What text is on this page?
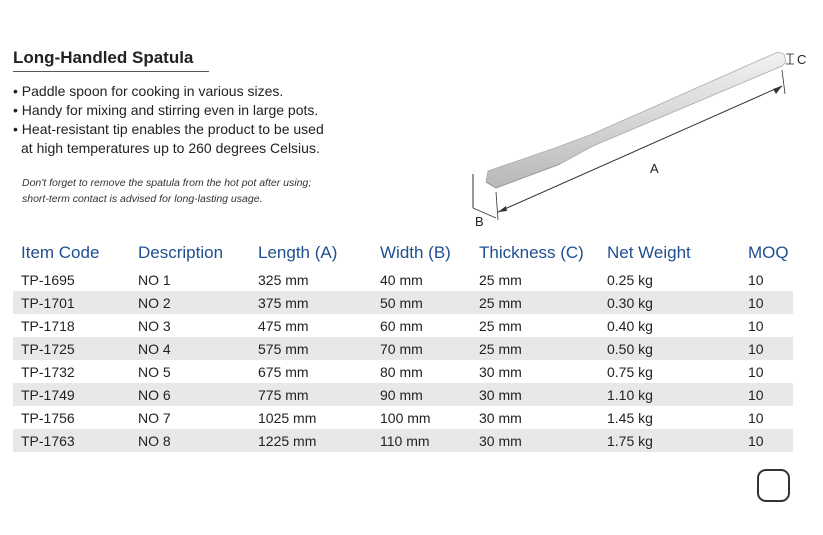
Long-Handled Spatula
• Paddle spoon for cooking in various sizes.
• Handy for mixing and stirring even in large pots.
• Heat-resistant tip enables the product to be used
at high temperatures up to 260 degrees Celsius.
Don't forget to remove the spatula from the hot pot after using;
short-term contact is advised for long-lasting usage.
A
B
C
Item Code	Description	Length (A)	Width (B)	Thickness (C)	Net Weight	MOQ
TP-1695	NO 1	325 mm	40 mm	25 mm	0.25 kg	10
TP-1701	NO 2	375 mm	50 mm	25 mm	0.30 kg	10
TP-1718	NO 3	475 mm	60 mm	25 mm	0.40 kg	10
TP-1725	NO 4	575 mm	70 mm	25 mm	0.50 kg	10
TP-1732	NO 5	675 mm	80 mm	30 mm	0.75 kg	10
TP-1749	NO 6	775 mm	90 mm	30 mm	1.10 kg	10
TP-1756	NO 7	1025 mm	100 mm	30 mm	1.45 kg	10
TP-1763	NO 8	1225 mm	110 mm	30 mm	1.75 kg	10
